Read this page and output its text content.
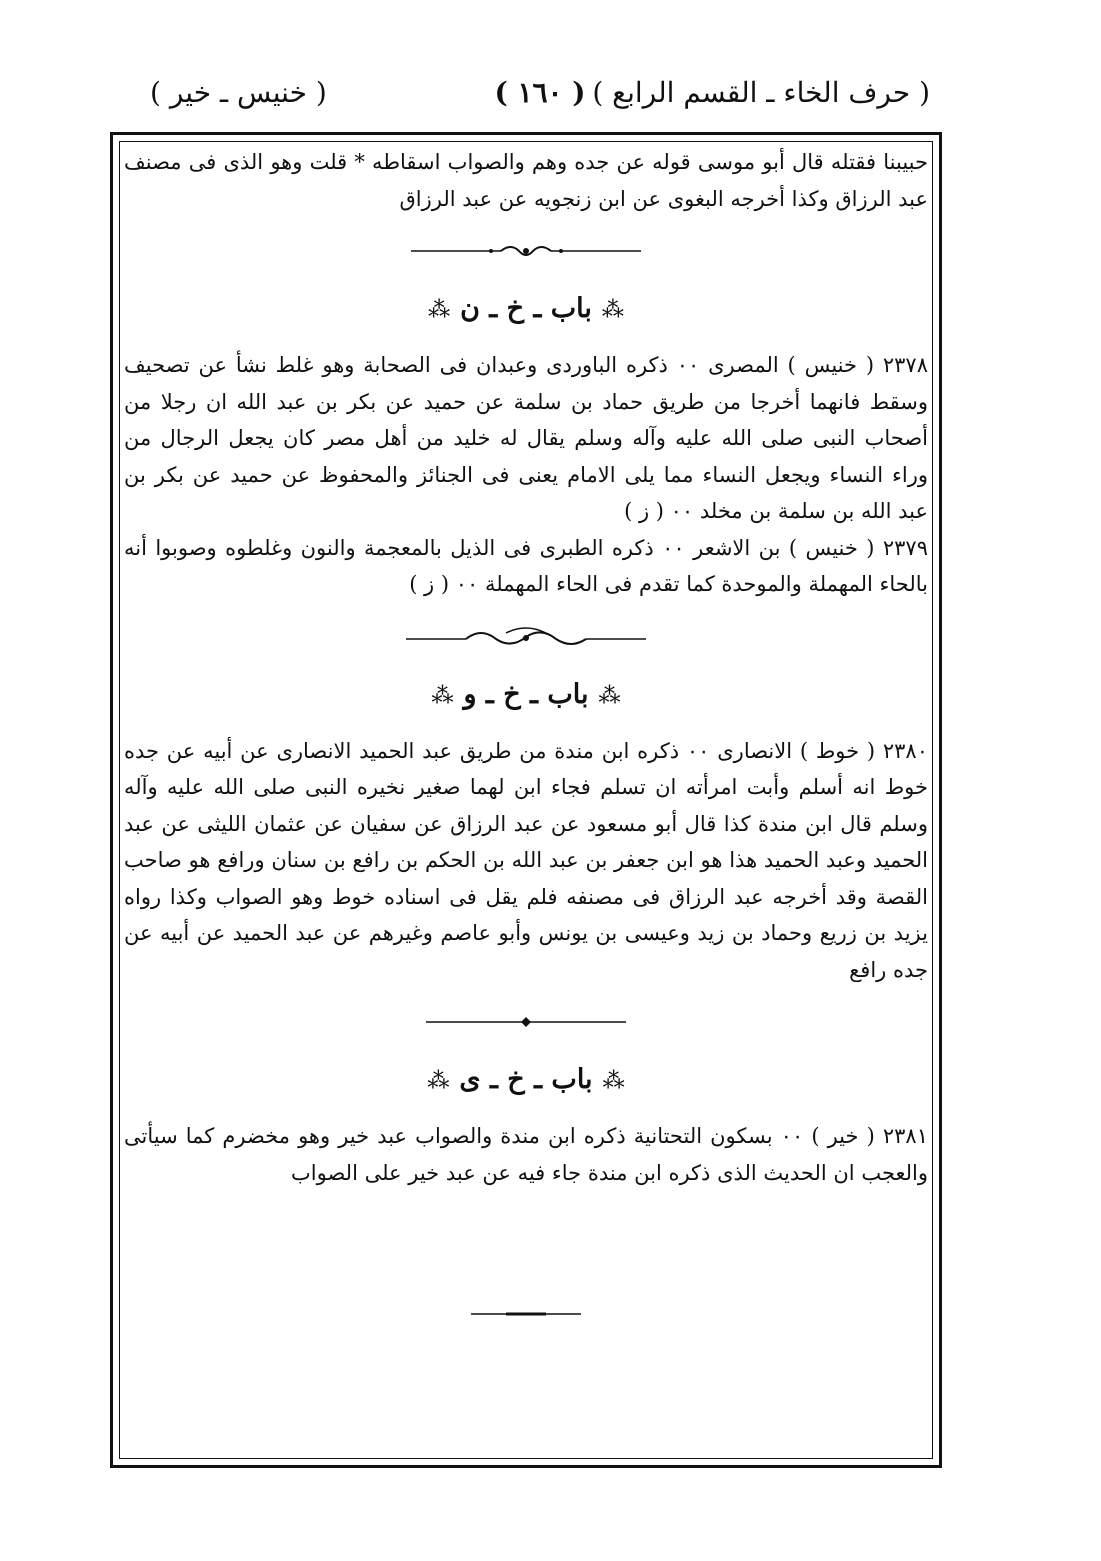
( حرف الخاء ـ القسم الرابع )
( ١٦٠ )
( خنيس ـ خير )

حبيبنا فقتله قال أبو موسى قوله عن جده وهم والصواب اسقاطه * قلت وهو الذى فى مصنف عبد الرزاق وكذا أخرجه البغوى عن ابن زنجويه عن عبد الرزاق

⁂باب ـ خ ـ ن⁂

٢٣٧٨ ( خنيس ) المصرى ٠٠ ذكره الباوردى وعبدان فى الصحابة وهو غلط نشأ عن تصحيف وسقط فانهما أخرجا من طريق حماد بن سلمة عن حميد عن بكر بن عبد الله ان رجلا من أصحاب النبى صلى الله عليه وآله وسلم يقال له خليد من أهل مصر كان يجعل الرجال من وراء النساء ويجعل النساء مما يلى الامام يعنى فى الجنائز والمحفوظ عن حميد عن بكر بن عبد الله بن سلمة بن مخلد ٠٠ ( ز )

٢٣٧٩ ( خنيس ) بن الاشعر ٠٠ ذكره الطبرى فى الذيل بالمعجمة والنون وغلطوه وصوبوا أنه بالحاء المهملة والموحدة كما تقدم فى الحاء المهملة ٠٠ ( ز )

⁂باب ـ خ ـ و⁂

٢٣٨٠ ( خوط ) الانصارى ٠٠ ذكره ابن مندة من طريق عبد الحميد الانصارى عن أبيه عن جده خوط انه أسلم وأبت امرأته ان تسلم فجاء ابن لهما صغير نخيره النبى صلى الله عليه وآله وسلم قال ابن مندة كذا قال أبو مسعود عن عبد الرزاق عن سفيان عن عثمان الليثى عن عبد الحميد وعبد الحميد هذا هو ابن جعفر بن عبد الله بن الحكم بن رافع بن سنان ورافع هو صاحب القصة وقد أخرجه عبد الرزاق فى مصنفه فلم يقل فى اسناده خوط وهو الصواب وكذا رواه يزيد بن زريع وحماد بن زيد وعيسى بن يونس وأبو عاصم وغيرهم عن عبد الحميد عن أبيه عن جده رافع

⁂باب ـ خ ـ ى⁂

٢٣٨١ ( خير ) ٠٠ بسكون التحتانية ذكره ابن مندة والصواب عبد خير وهو مخضرم كما سيأتى والعجب ان الحديث الذى ذكره ابن مندة جاء فيه عن عبد خير على الصواب
